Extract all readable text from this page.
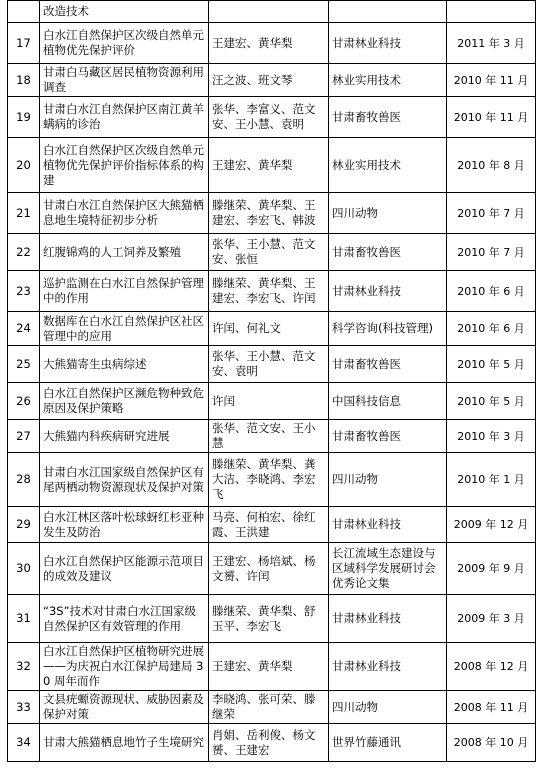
	改造技术			
17	白水江自然保护区次级自然单元植物优先保护评价	王建宏、黄华梨	甘肃林业科技	2011 年 3 月
18	甘肃白马藏区居民植物资源利用调查	汪之波、班文琴	林业实用技术	2010 年 11 月
19	甘肃白水江自然保护区南江黄羊螨病的诊治	张华、李富义、范文安、王小慧、袁明	甘肃畜牧兽医	2010 年 11 月
20	白水江自然保护区次级自然单元植物优先保护评价指标体系的构建	王建宏、黄华梨	林业实用技术	2010 年 8 月
21	甘肃白水江自然保护区大熊猫栖息地生境特征初步分析	滕继荣、黄华梨、王建宏、李宏飞、韩波	四川动物	2010 年 7 月
22	红腹锦鸡的人工饲养及繁殖	张华、王小慧、范文安、张恒	甘肃畜牧兽医	2010 年 7 月
23	巡护监测在白水江自然保护管理中的作用	滕继荣、黄华梨、王建宏、李宏飞、许闰	甘肃林业科技	2010 年 6 月
24	数据库在白水江自然保护区社区管理中的应用	许闰、何礼文	科学咨询(科技管理)	2010 年 6 月
25	大熊猫寄生虫病综述	张华、王小慧、范文安、袁明	甘肃畜牧兽医	2010 年 5 月
26	白水江自然保护区濒危物种致危原因及保护策略	许闰	中国科技信息	2010 年 5 月
27	大熊猫内科疾病研究进展	张华、范文安、王小慧	甘肃畜牧兽医	2010 年 3 月
28	甘肃白水江国家级自然保护区有尾两栖动物资源现状及保护对策	滕继荣、黄华梨、龚大洁、李晓鸿、李宏飞	四川动物	2010 年 1 月
29	白水江林区落叶松球蚜红杉亚种发生及防治	马亮、何柏宏、徐红霞、王洪建	甘肃林业科技	2009 年 12 月
30	白水江自然保护区能源示范项目的成效及建议	王建宏、杨培斌、杨文赟、许闰	长江流域生态建设与区域科学发展研讨会优秀论文集	2009 年 9 月
31	“3S”技术对甘肃白水江国家级自然保护区有效管理的作用	滕继荣、黄华梨、舒玉平、李宏飞	甘肃林业科技	2009 年 3 月
32	白水江自然保护区植物研究进展——为庆祝白水江保护局建局 30 周年而作	王建宏、黄华梨	甘肃林业科技	2008 年 12 月
33	文县疣螈资源现状、威胁因素及保护对策	李晓鸿、张可荣、滕继荣	四川动物	2008 年 11 月
34	甘肃大熊猫栖息地竹子生境研究	肖娟、岳利俊、杨文赟、王建宏	世界竹藤通讯	2008 年 10 月
